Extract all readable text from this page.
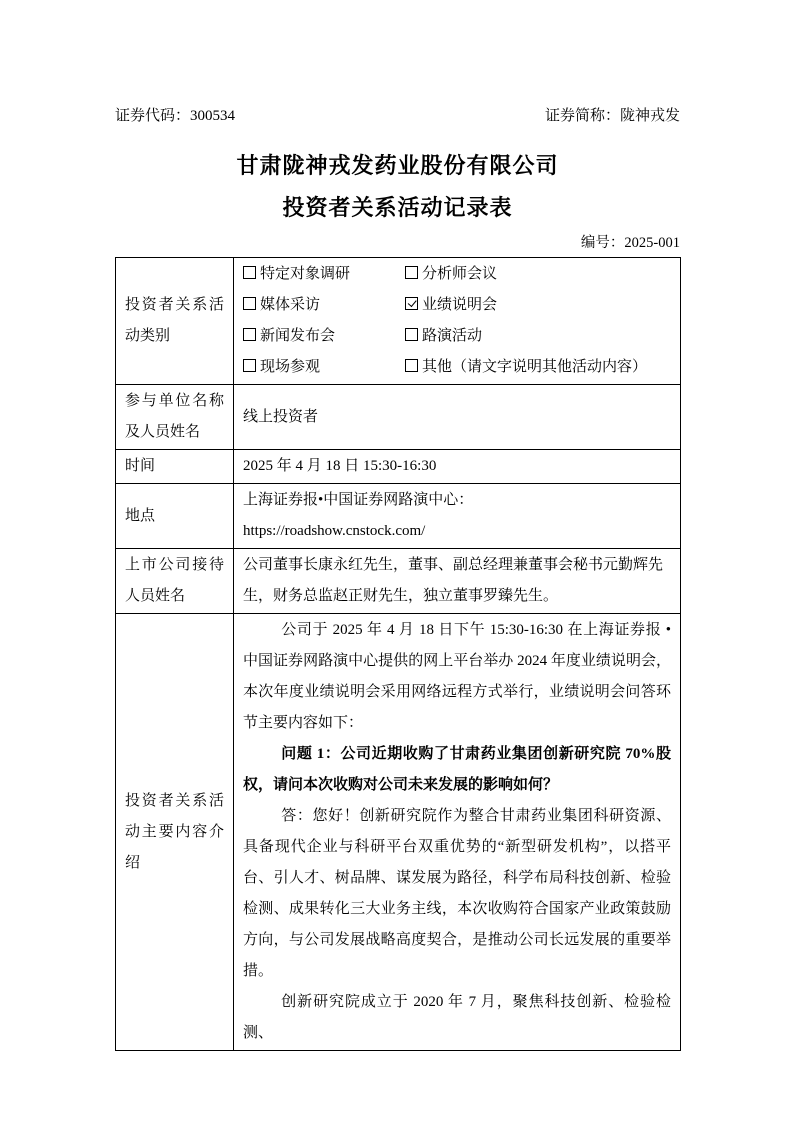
证券代码：300534	证券简称：陇神戎发
甘肃陇神戎发药业股份有限公司
投资者关系活动记录表
编号：2025-001
投资者关系活动类别	
特定对象调研	分析师会议
媒体采访	业绩说明会
新闻发布会	路演活动
现场参观	其他（请文字说明其他活动内容）

参与单位名称及人员姓名	线上投资者
时间	2025 年 4 月 18 日 15:30-16:30
地点	上海证券报•中国证券网路演中心：
https://roadshow.cnstock.com/

上市公司接待人员姓名	公司董事长康永红先生，董事、副总经理兼董事会秘书元勤辉先生，财务总监赵正财先生，独立董事罗臻先生。
投资者关系活动主要内容介绍	公司于 2025 年 4 月 18 日下午 15:30-16:30 在上海证券报 •中国证券网路演中心提供的网上平台举办 2024 年度业绩说明会，本次年度业绩说明会采用网络远程方式举行，业绩说明会问答环节主要内容如下：

问题 1：公司近期收购了甘肃药业集团创新研究院 70%股权，请问本次收购对公司未来发展的影响如何？

答：您好！创新研究院作为整合甘肃药业集团科研资源、具备现代企业与科研平台双重优势的“新型研发机构”，以搭平台、引人才、树品牌、谋发展为路径，科学布局科技创新、检验检测、成果转化三大业务主线，本次收购符合国家产业政策鼓励方向，与公司发展战略高度契合，是推动公司长远发展的重要举措。

创新研究院成立于 2020 年 7 月，聚焦科技创新、检验检测、
